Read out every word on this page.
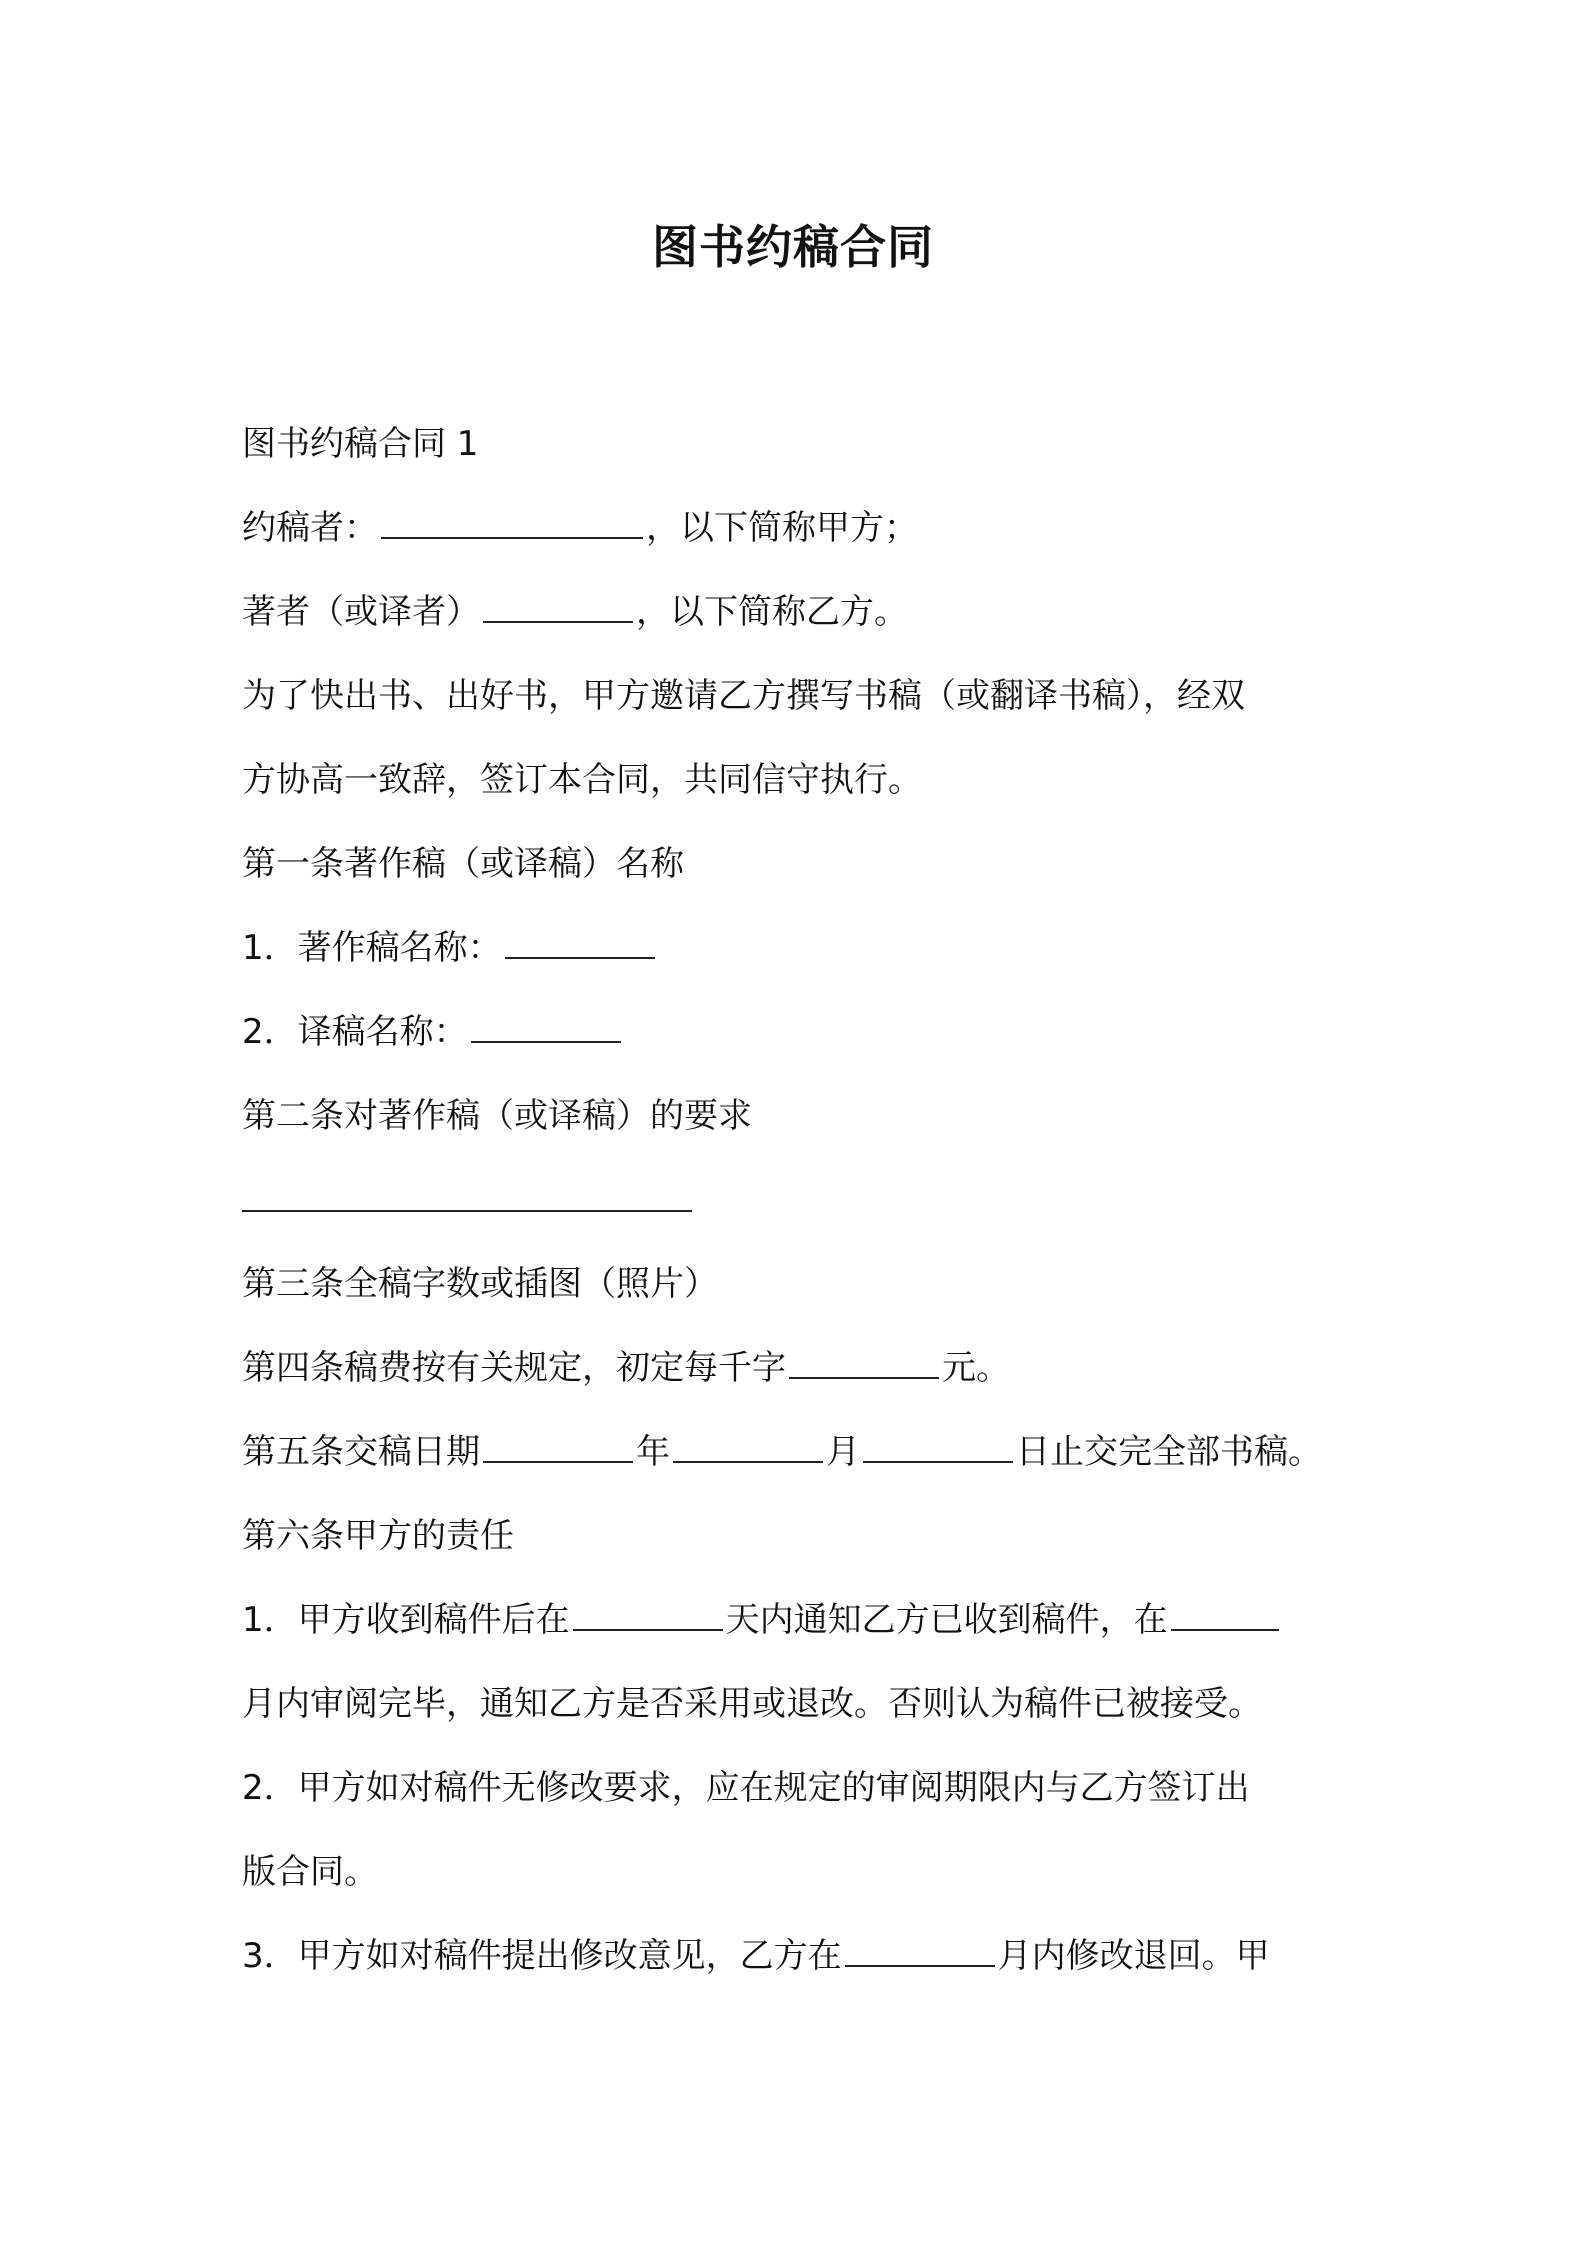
图书约稿合同
图书约稿合同 1
约稿者：	，以下简称甲方；
著者（或译者）	，以下简称乙方。
为了快出书、出好书，甲方邀请乙方撰写书稿（或翻译书稿），经双
方协高一致辞，签订本合同，共同信守执行。
第一条著作稿（或译稿）名称
1．著作稿名称：
2．译稿名称：
第二条对著作稿（或译稿）的要求
第三条全稿字数或插图（照片）
第四条稿费按有关规定，初定每千字	元。
第五条交稿日期	年	月	日止交完全部书稿。
第六条甲方的责任
1．甲方收到稿件后在	天内通知乙方已收到稿件，在
月内审阅完毕，通知乙方是否采用或退改。否则认为稿件已被接受。
2．甲方如对稿件无修改要求，应在规定的审阅期限内与乙方签订出
版合同。
3．甲方如对稿件提出修改意见，乙方在	月内修改退回。甲
